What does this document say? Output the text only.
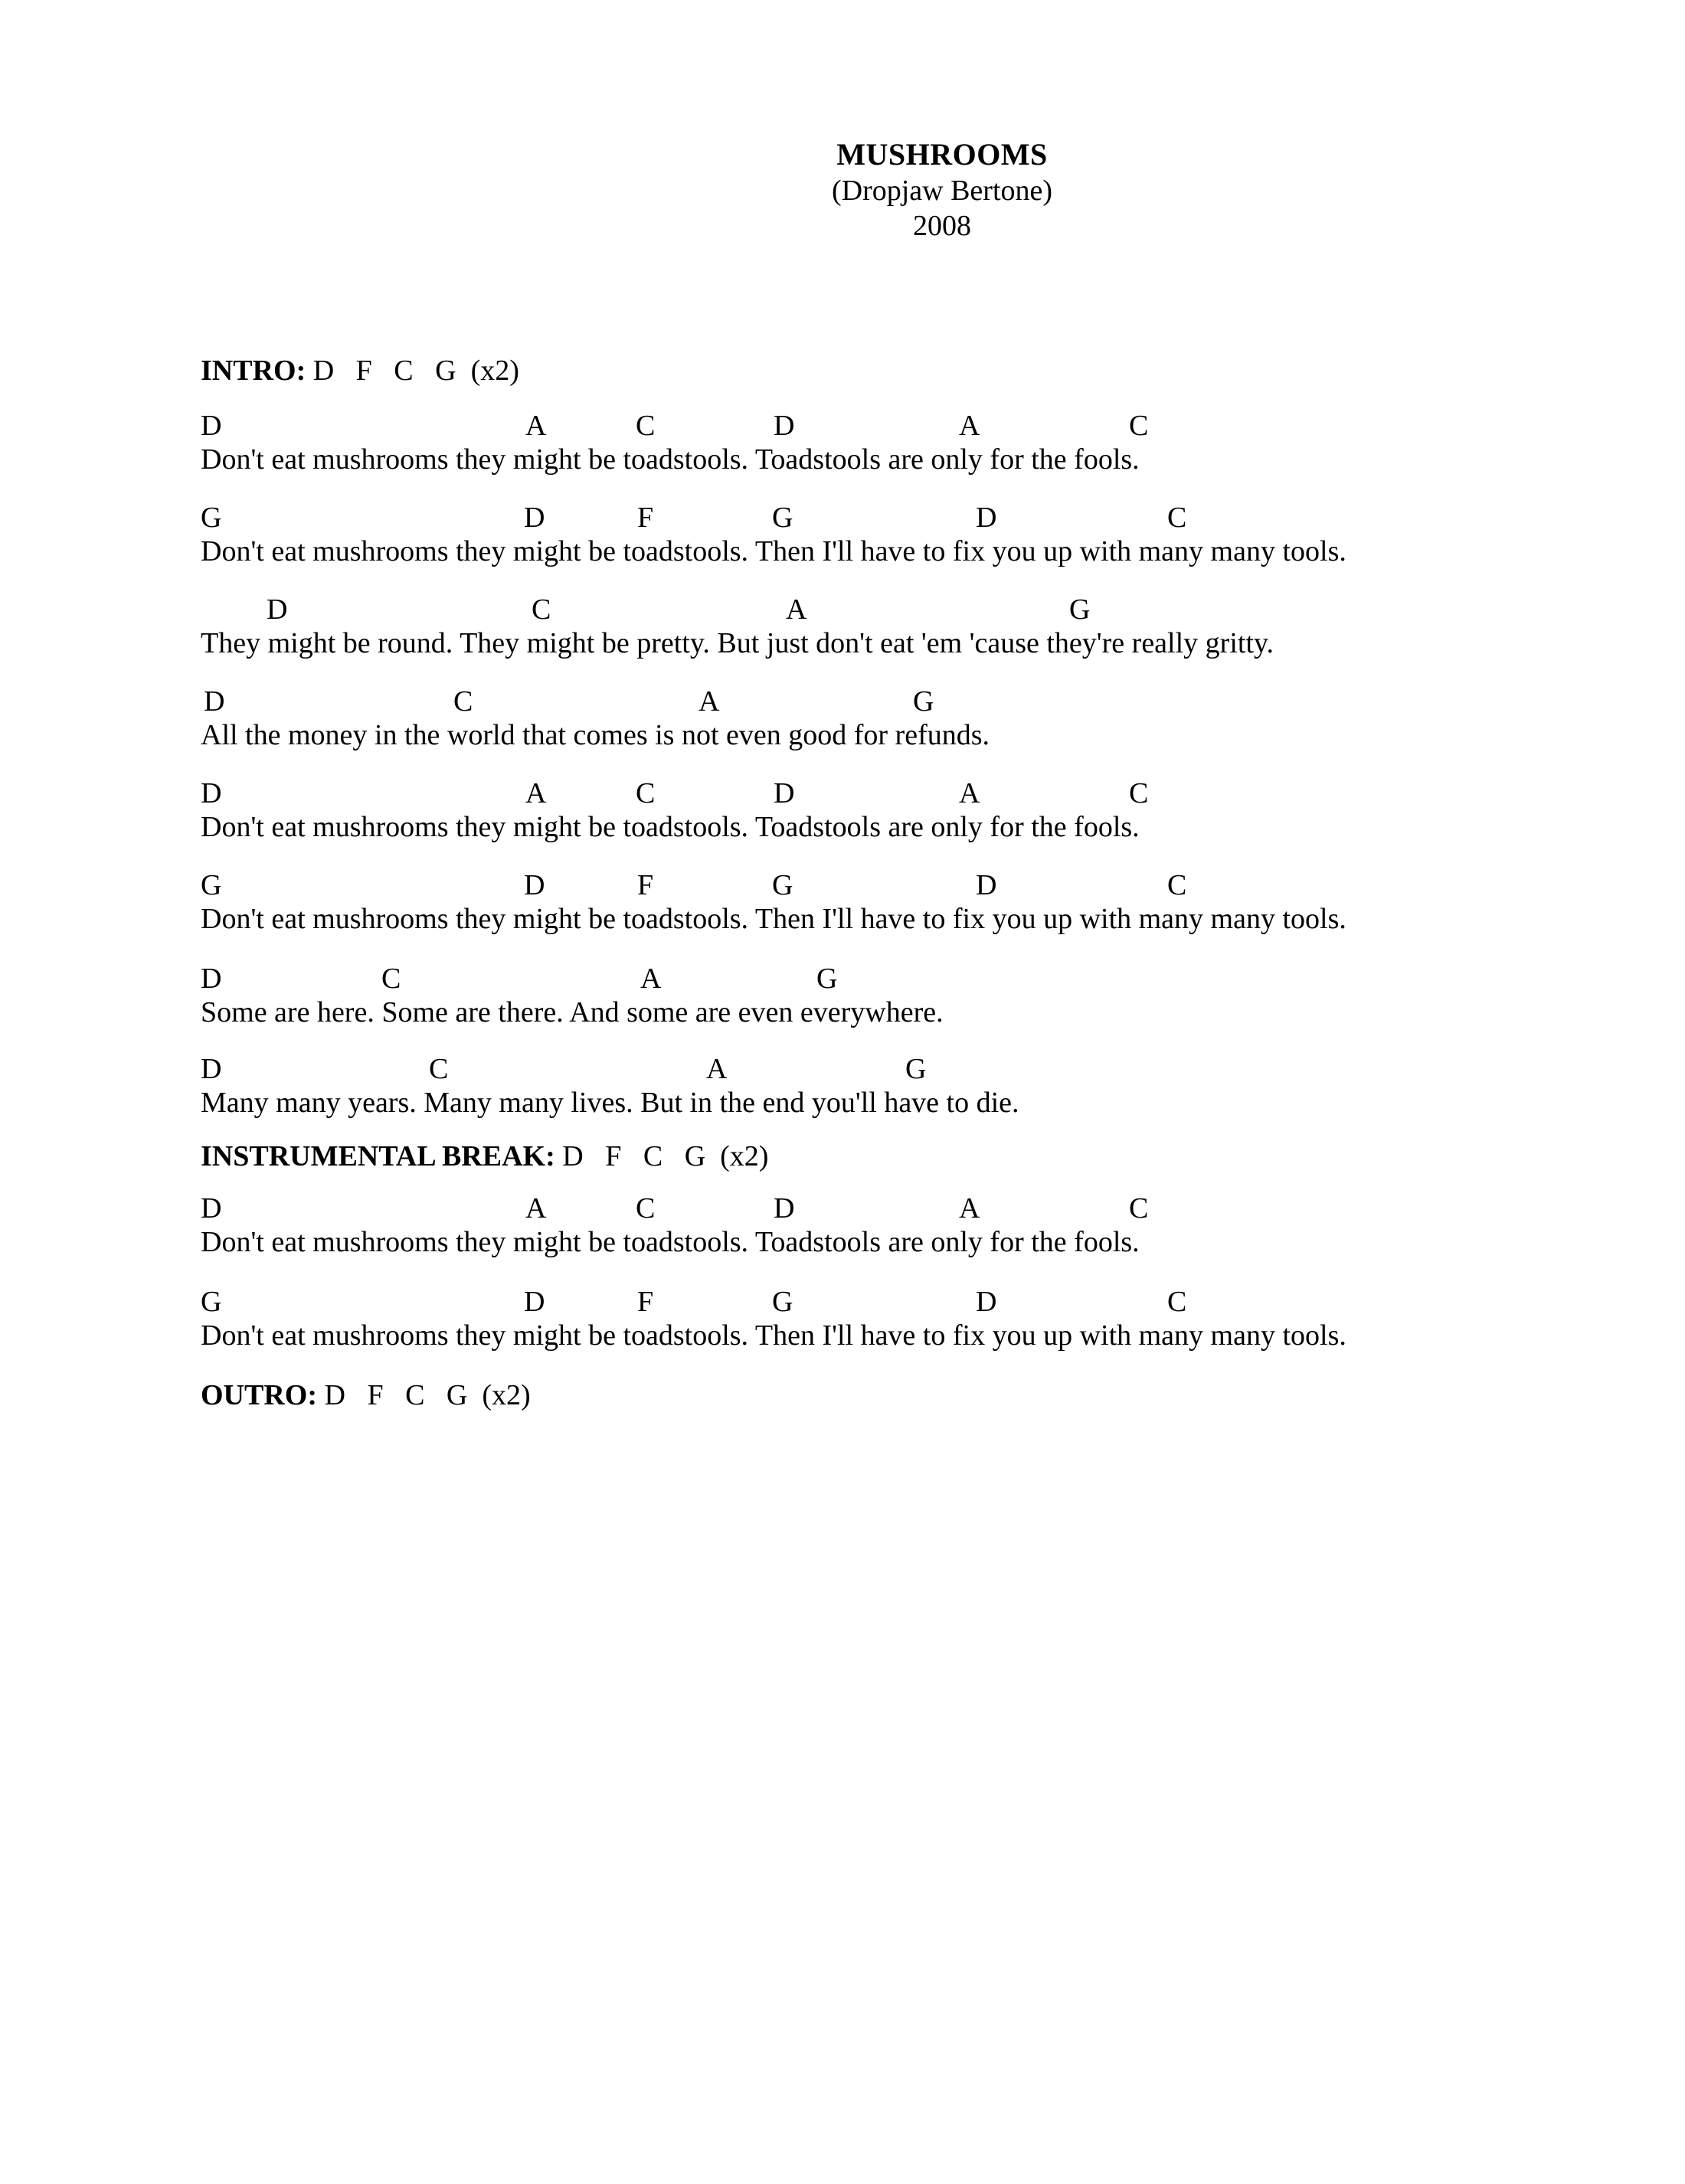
MUSHROOMS
(Dropjaw Bertone)
2008
INTRO: D   F   C   G  (x2)
D	A	C	D	A	C
Don't eat mushrooms they might be toadstools. Toadstools are only for the fools.
G	D	F	G	D	C
Don't eat mushrooms they might be toadstools. Then I'll have to fix you up with many many tools.
D	C	A	G
They might be round. They might be pretty. But just don't eat 'em 'cause they're really gritty.
D	C	A	G
All the money in the world that comes is not even good for refunds.
D	A	C	D	A	C
Don't eat mushrooms they might be toadstools. Toadstools are only for the fools.
G	D	F	G	D	C
Don't eat mushrooms they might be toadstools. Then I'll have to fix you up with many many tools.
D	C	A	G
Some are here. Some are there. And some are even everywhere.
D	C	A	G
Many many years. Many many lives. But in the end you'll have to die.
INSTRUMENTAL BREAK: D   F   C   G  (x2)
D	A	C	D	A	C
Don't eat mushrooms they might be toadstools. Toadstools are only for the fools.
G	D	F	G	D	C
Don't eat mushrooms they might be toadstools. Then I'll have to fix you up with many many tools.
OUTRO: D   F   C   G  (x2)
